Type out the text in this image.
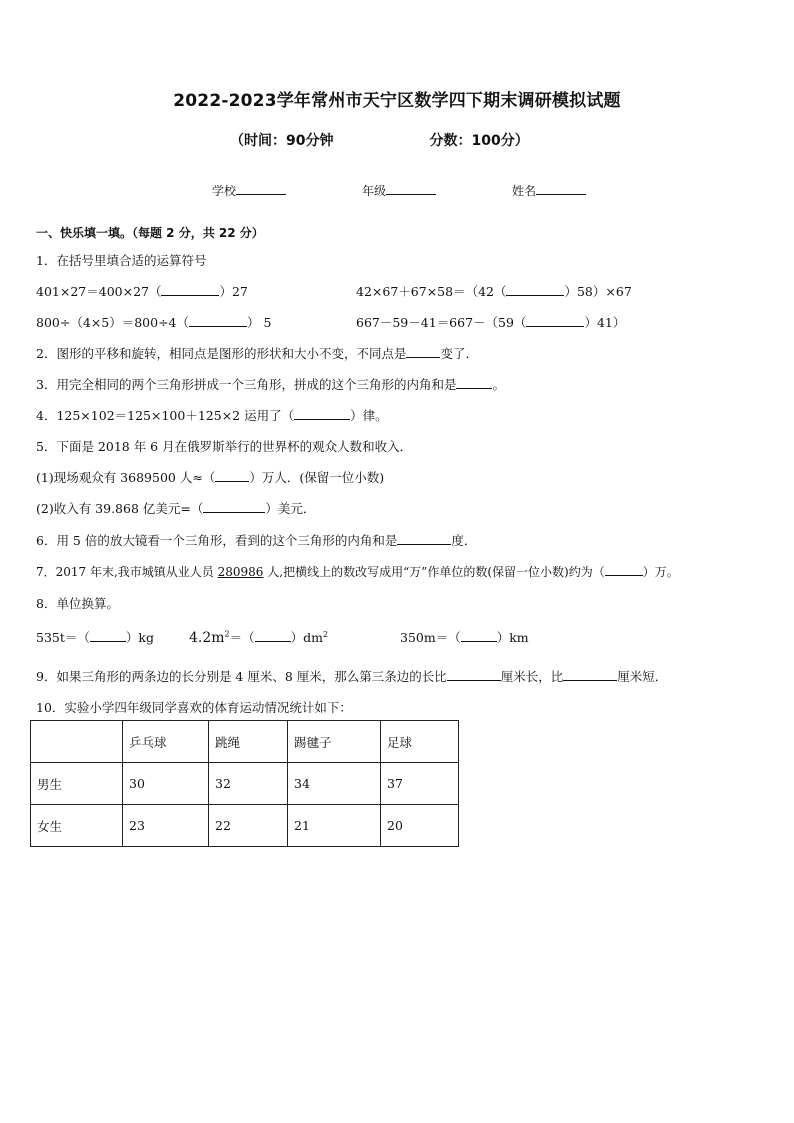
2022-2023学年常州市天宁区数学四下期末调研模拟试题
（时间：90分钟	分数：100分）
学校	年级	姓名
一、快乐填一填。（每题 2 分，共 22 分）
1．在括号里填合适的运算符号
401×27＝400×27（	）27	42×67＋67×58＝（42（	）58）×67
800÷（4×5）＝800÷4（	） 5	667－59－41＝667－（59（	）41）
2．图形的平移和旋转，相同点是图形的形状和大小不变，不同点是	变了．
3．用完全相同的两个三角形拼成一个三角形，拼成的这个三角形的内角和是	。
4．125×102＝125×100＋125×2 运用了（	）律。
5．下面是 2018 年 6 月在俄罗斯举行的世界杯的观众人数和收入．
(1)现场观众有 3689500 人≈（	）万人．(保留一位小数)
(2)收入有 39.868 亿美元=（	）美元．
6．用 5 倍的放大镜看一个三角形，看到的这个三角形的内角和是	度．
7．2017 年末,我市城镇从业人员 280986 人,把横线上的数改写成用“万”作单位的数(保留一位小数)约为（	）万。
8．单位换算。
535t＝（	）kg	$4.2m^2=$（	）$dm^2$	350m＝（	）km
9．如果三角形的两条边的长分别是 4 厘米、8 厘米，那么第三条边的长比	厘米长，比	厘米短．
10．实验小学四年级同学喜欢的体育运动情况统计如下：
	乒乓球	跳绳	踢毽子	足球
男生	30	32	34	37
女生	23	22	21	20
